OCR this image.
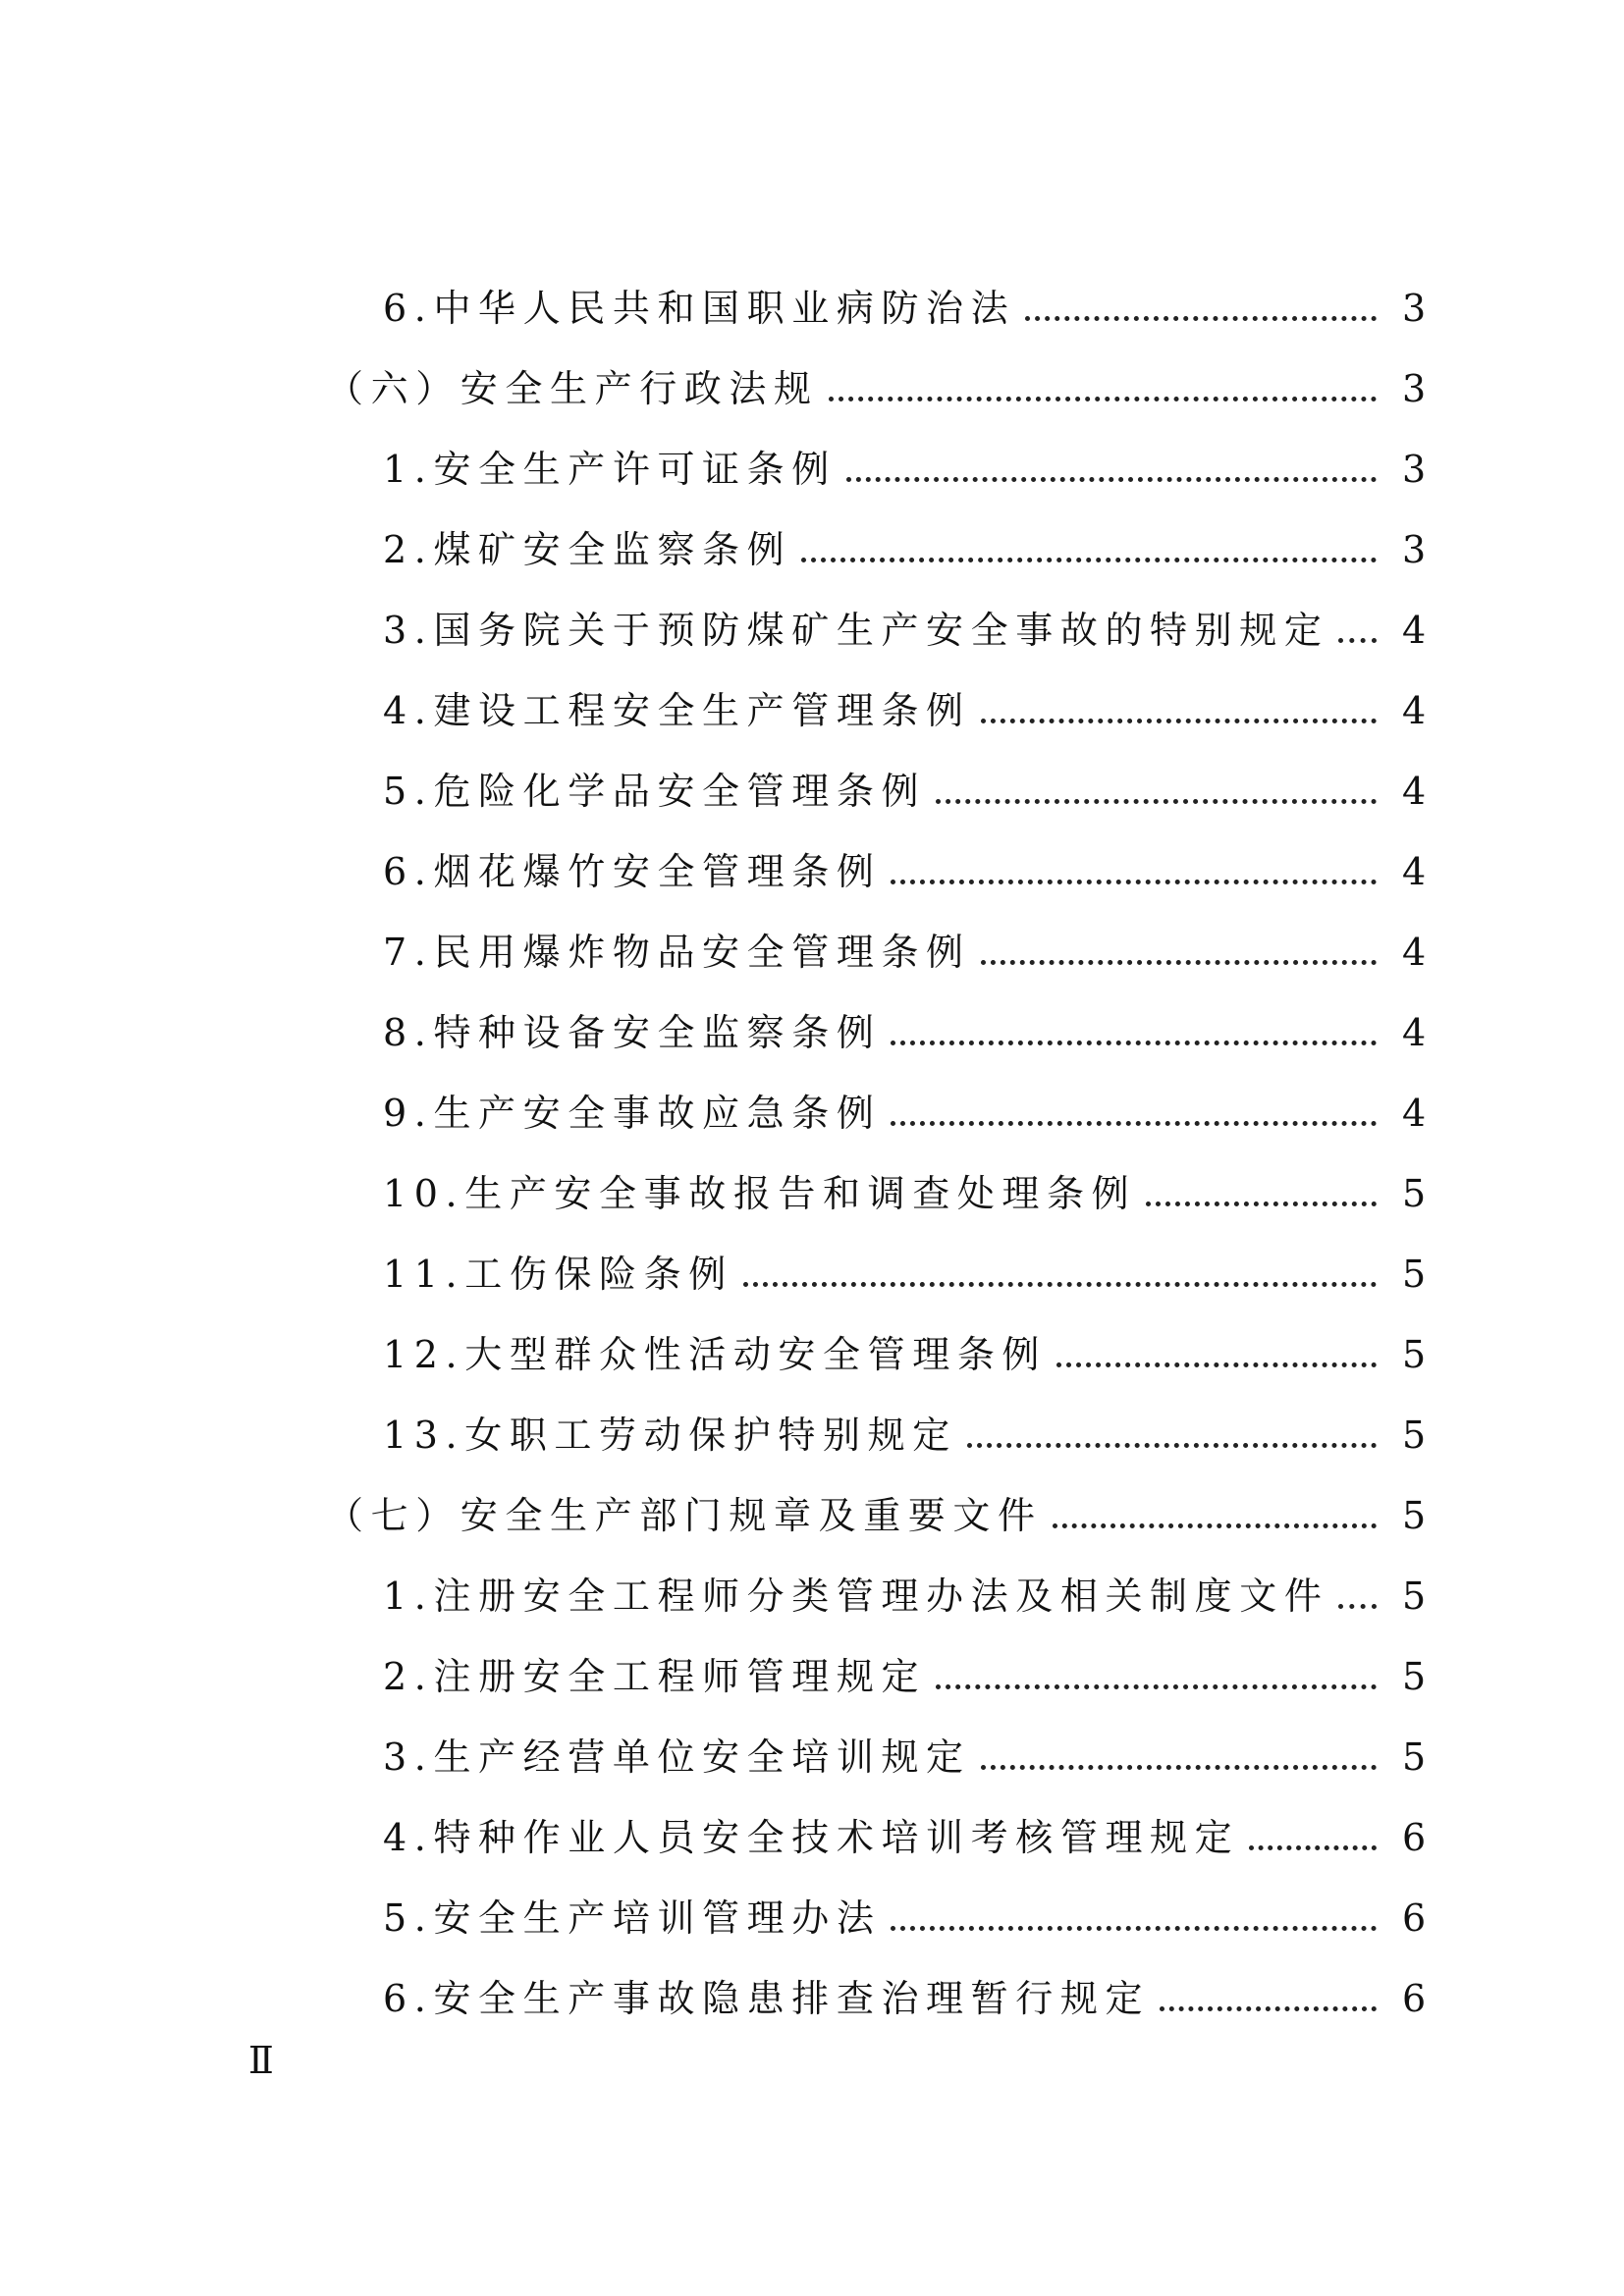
6.中华人民共和国职业病防治法	3
（六）安全生产行政法规	3
1.安全生产许可证条例	3
2.煤矿安全监察条例	3
3.国务院关于预防煤矿生产安全事故的特别规定 4
4.建设工程安全生产管理条例	4
5.危险化学品安全管理条例	4
6.烟花爆竹安全管理条例	4
7.民用爆炸物品安全管理条例	4
8.特种设备安全监察条例	4
9.生产安全事故应急条例	4
10.生产安全事故报告和调查处理条例	5
11.工伤保险条例	5
12.大型群众性活动安全管理条例	5
13.女职工劳动保护特别规定	5
（七）安全生产部门规章及重要文件	5
1.注册安全工程师分类管理办法及相关制度文件 5
2.注册安全工程师管理规定	5
3.生产经营单位安全培训规定	5
4.特种作业人员安全技术培训考核管理规定	6
5.安全生产培训管理办法	6
6.安全生产事故隐患排查治理暂行规定	6
Ⅱ
